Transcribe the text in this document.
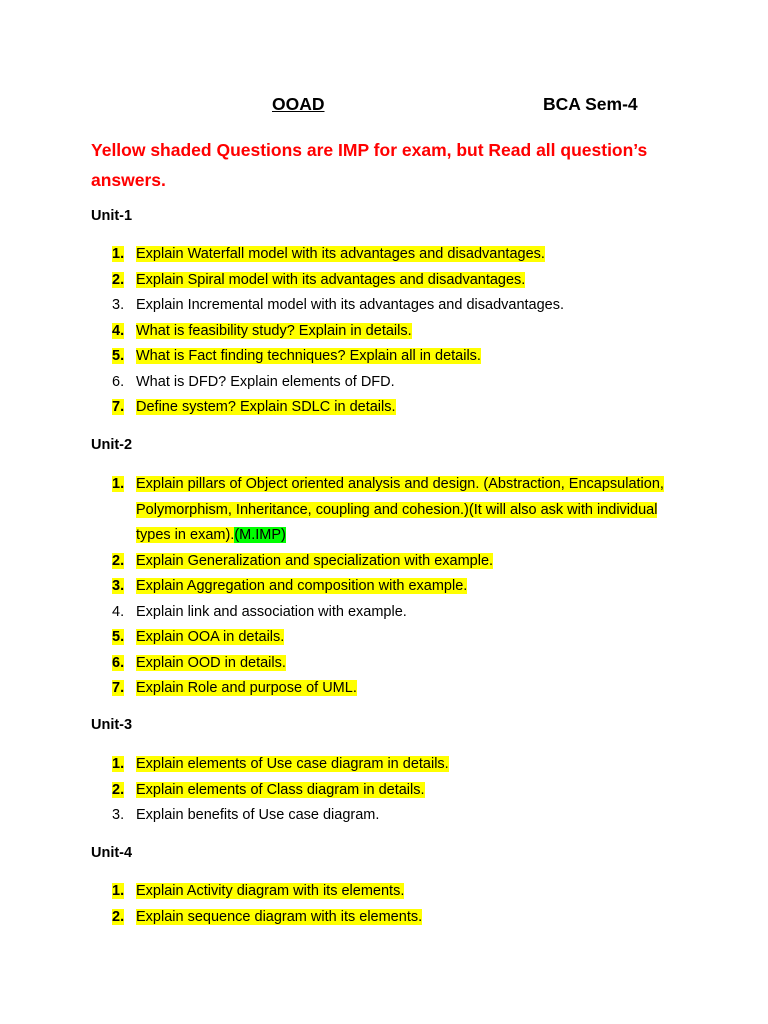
OOAD	BCA Sem-4
Yellow shaded Questions are IMP for exam, but Read all question’s answers.
Unit-1
1. Explain Waterfall model with its advantages and disadvantages.
2. Explain Spiral model with its advantages and disadvantages.
3. Explain Incremental model with its advantages and disadvantages.
4. What is feasibility study? Explain in details.
5. What is Fact finding techniques? Explain all in details.
6. What is DFD? Explain elements of DFD.
7. Define system? Explain SDLC in details.
Unit-2
1. Explain pillars of Object oriented analysis and design. (Abstraction, Encapsulation, Polymorphism, Inheritance, coupling and cohesion.)(It will also ask with individual types in exam).(M.IMP)
2. Explain Generalization and specialization with example.
3. Explain Aggregation and composition with example.
4. Explain link and association with example.
5. Explain OOA in details.
6. Explain OOD in details.
7. Explain Role and purpose of UML.
Unit-3
1. Explain elements of Use case diagram in details.
2. Explain elements of Class diagram in details.
3. Explain benefits of Use case diagram.
Unit-4
1. Explain Activity diagram with its elements.
2. Explain sequence diagram with its elements.
